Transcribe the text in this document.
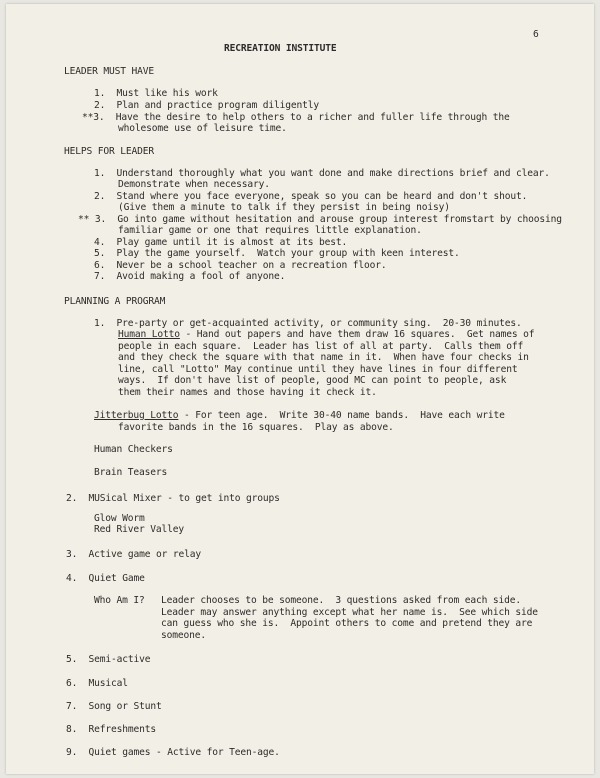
6
RECREATION INSTITUTE
LEADER MUST HAVE
1.  Must like his work
2.  Plan and practice program diligently
**3.  Have the desire to help others to a richer and fuller life through the
wholesome use of leisure time.
HELPS FOR LEADER
1.  Understand thoroughly what you want done and make directions brief and clear.
Demonstrate when necessary.
2.  Stand where you face everyone, speak so you can be heard and don't shout.
(Give them a minute to talk if they persist in being noisy)
** 3.  Go into game without hesitation and arouse group interest fromstart by choosing
familiar game or one that requires little explanation.
4.  Play game until it is almost at its best.
5.  Play the game yourself.  Watch your group with keen interest.
6.  Never be a school teacher on a recreation floor.
7.  Avoid making a fool of anyone.
PLANNING A PROGRAM
1.  Pre-party or get-acquainted activity, or community sing.  20-30 minutes.
Human Lotto - Hand out papers and have them draw 16 squares.  Get names of
people in each square.  Leader has list of all at party.  Calls them off
and they check the square with that name in it.  When have four checks in
line, call "Lotto" May continue until they have lines in four different
ways.  If don't have list of people, good MC can point to people, ask
them their names and those having it check it.
Jitterbug Lotto - For teen age.  Write 30-40 name bands.  Have each write
favorite bands in the 16 squares.  Play as above.
Human Checkers
Brain Teasers
2.  MUSical Mixer - to get into groups
Glow Worm
Red River Valley
3.  Active game or relay
4.  Quiet Game
Who Am I? Leader chooses to be someone.  3 questions asked from each side.
Leader may answer anything except what her name is.  See which side
can guess who she is.  Appoint others to come and pretend they are
someone.
5.  Semi-active
6.  Musical
7.  Song or Stunt
8.  Refreshments
9.  Quiet games - Active for Teen-age.
